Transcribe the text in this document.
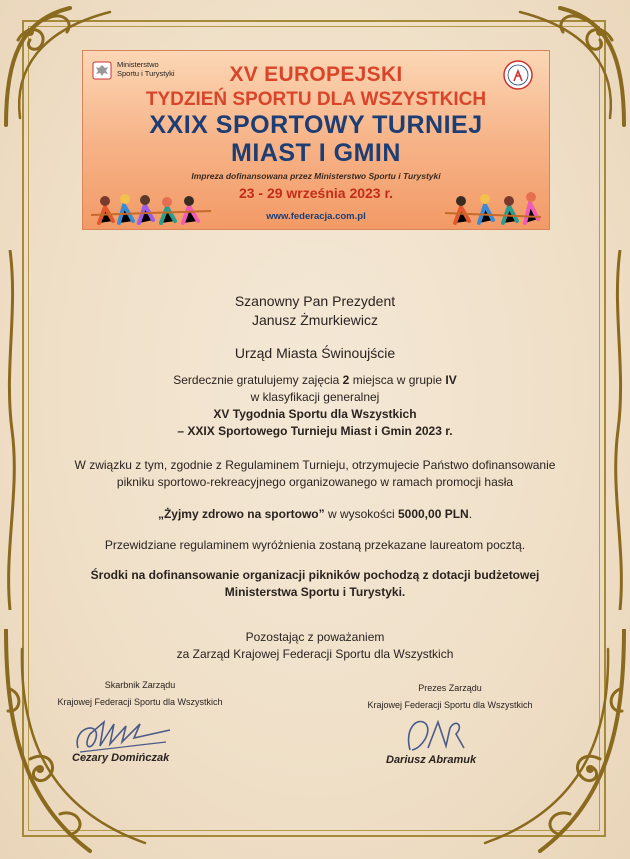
Ministerstwo
Sportu i Turystyki	XV EUROPEJSKI
TYDZIEŃ SPORTU DLA WSZYSTKICH
XXIX SPORTOWY TURNIEJ
MIAST I GMIN
Impreza dofinansowana przez Ministerstwo Sportu i Turystyki
23 - 29 września 2023 r.
www.federacja.com.pl
Szanowny Pan Prezydent
Janusz Żmurkiewicz
Urząd Miasta Świnoujście
Serdecznie gratulujemy zajęcia 2 miejsca w grupie IV
w klasyfikacji generalnej
XV Tygodnia Sportu dla Wszystkich
– XXIX Sportowego Turnieju Miast i Gmin 2023 r.
W związku z tym, zgodnie z Regulaminem Turnieju, otrzymujecie Państwo dofinansowanie
pikniku sportowo-rekreacyjnego organizowanego w ramach promocji hasła
„Żyjmy zdrowo na sportowo” w wysokości 5000,00 PLN.
Przewidziane regulaminem wyróżnienia zostaną przekazane laureatom pocztą.
Środki na dofinansowanie organizacji pikników pochodzą z dotacji budżetowej
Ministerstwa Sportu i Turystyki.
Pozostając z poważaniem
za Zarząd Krajowej Federacji Sportu dla Wszystkich
Skarbnik Zarządu
Krajowej Federacji Sportu dla Wszystkich
Cezary Domińczak
Prezes Zarządu
Krajowej Federacji Sportu dla Wszystkich
Dariusz Abramuk
